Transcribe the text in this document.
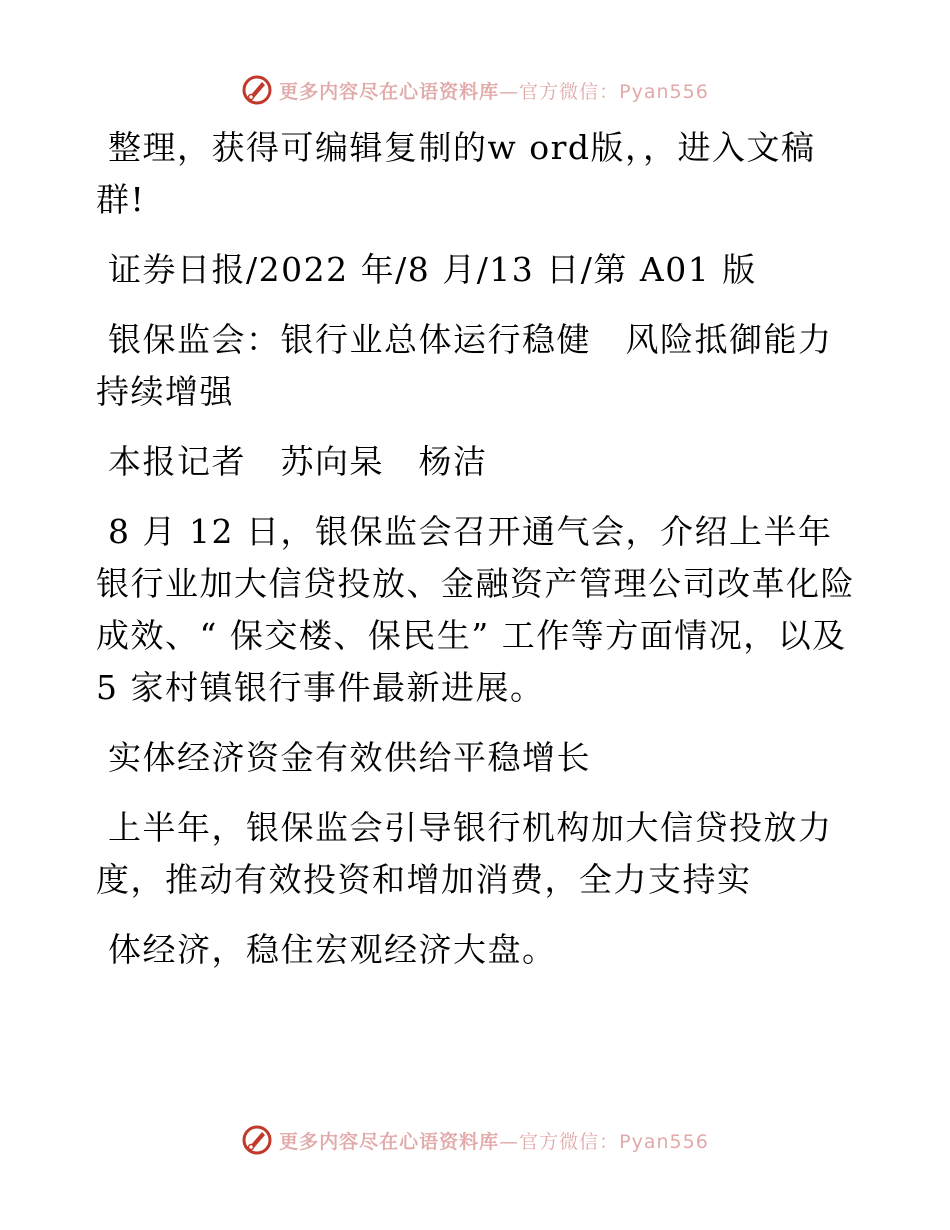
更多内容尽在心语资料库—官方微信：Pyan556

整理，获得可编辑复制的w ord版，，进入文稿群!

证券日报/2022 年/8 月/13 日/第 A01 版

银保监会：银行业总体运行稳健　风险抵御能力持续增强

本报记者　苏向杲　杨洁

8 月 12 日，银保监会召开通气会，介绍上半年银行业加大信贷投放、金融资产管理公司改革化险成效、“ 保交楼、保民生” 工作等方面情况，以及 5 家村镇银行事件最新进展。

实体经济资金有效供给平稳增长

上半年，银保监会引导银行机构加大信贷投放力度，推动有效投资和增加消费，全力支持实

体经济，稳住宏观经济大盘。

更多内容尽在心语资料库—官方微信：Pyan556
